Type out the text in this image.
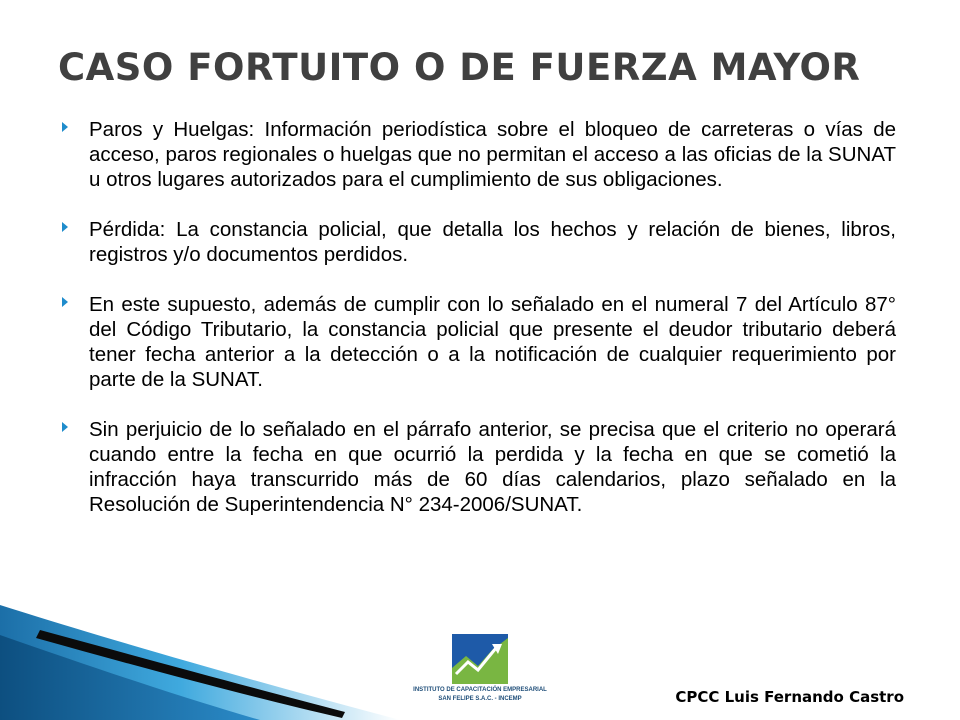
CASO FORTUITO O DE FUERZA MAYOR
Paros y Huelgas: Información periodística sobre el bloqueo de carreteras o vías de acceso, paros regionales o huelgas que no permitan el acceso a las oficias de la SUNAT u otros lugares autorizados para el cumplimiento de sus obligaciones.
Pérdida: La constancia policial, que detalla los hechos y relación de bienes, libros, registros y/o documentos perdidos.
En este supuesto, además de cumplir con lo señalado en el numeral 7 del Artículo 87° del Código Tributario, la constancia policial que presente el deudor tributario deberá tener fecha anterior a la detección o a la notificación de cualquier requerimiento por parte de la SUNAT.
Sin perjuicio de lo señalado en el párrafo anterior, se precisa que el criterio no operará cuando entre la fecha en que ocurrió la perdida y la fecha en que se cometió la infracción haya transcurrido más de 60 días calendarios, plazo señalado en la Resolución de Superintendencia N° 234-2006/SUNAT.
INSTITUTO DE CAPACITACIÓN EMPRESARIAL
SAN FELIPE S.A.C. - INCEMP	CPCC Luis Fernando Castro
